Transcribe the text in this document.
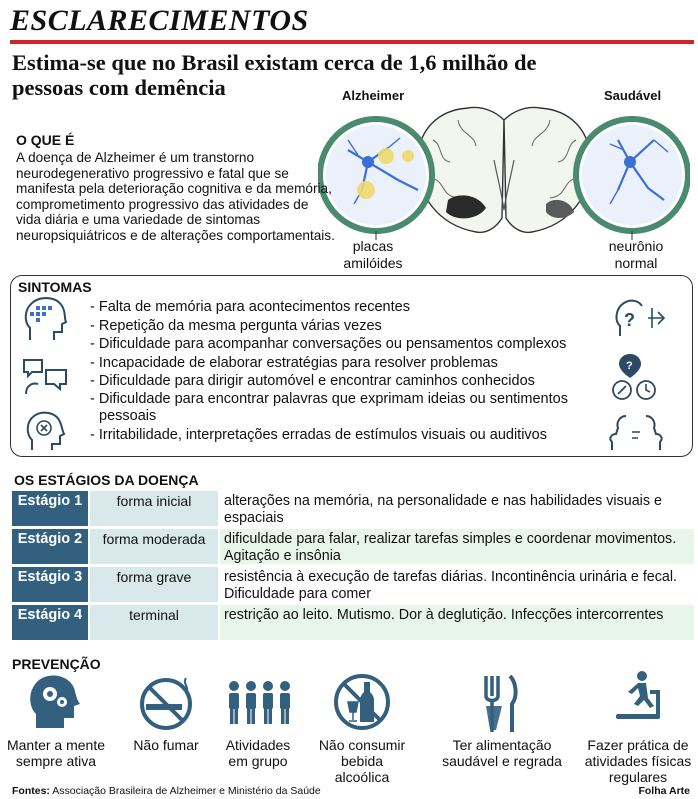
ESCLARECIMENTOS
Estima-se que no Brasil existam cerca de 1,6 milhão de pessoas com demência	Alzheimer	Saudável
placas amilóides
neurônio normal
O QUE É

A doença de Alzheimer é um transtorno neurodegenerativo progressivo e fatal que se manifesta pela deterioração cognitiva e da memória, comprometimento progressivo das atividades de vida diária e uma variedade de sintomas neuropsiquiátricos e de alterações comportamentais.

SINTOMAS
- Falta de memória para acontecimentos recentes
- Repetição da mesma pergunta várias vezes
- Dificuldade para acompanhar conversações ou pensamentos complexos
- Incapacidade de elaborar estratégias para resolver problemas
- Dificuldade para dirigir automóvel e encontrar caminhos conhecidos
- Dificuldade para encontrar palavras que exprimam ideias ou sentimentos pessoais
- Irritabilidade, interpretações erradas de estímulos visuais ou auditivos
?
?
OS ESTÁGIOS DA DOENÇA
Estágio 1	forma inicial	alterações na memória, na personalidade e nas habilidades visuais e espaciais
Estágio 2	forma moderada	dificuldade para falar, realizar tarefas simples e coordenar movimentos. Agitação e insônia
Estágio 3	forma grave	resistência à execução de tarefas diárias. Incontinência urinária e fecal. Dificuldade para comer
Estágio 4	terminal	restrição ao leito. Mutismo. Dor à deglutição. Infecções intercorrentes
PREVENÇÃO
Manter a mente sempre ativa
Não fumar	Atividades em grupo
Não consumir bebida alcoólica
Ter alimentação saudável e regrada
Fazer prática de atividades físicas regulares
Fontes: Associação Brasileira de Alzheimer e Ministério da Saúde	Folha Arte
